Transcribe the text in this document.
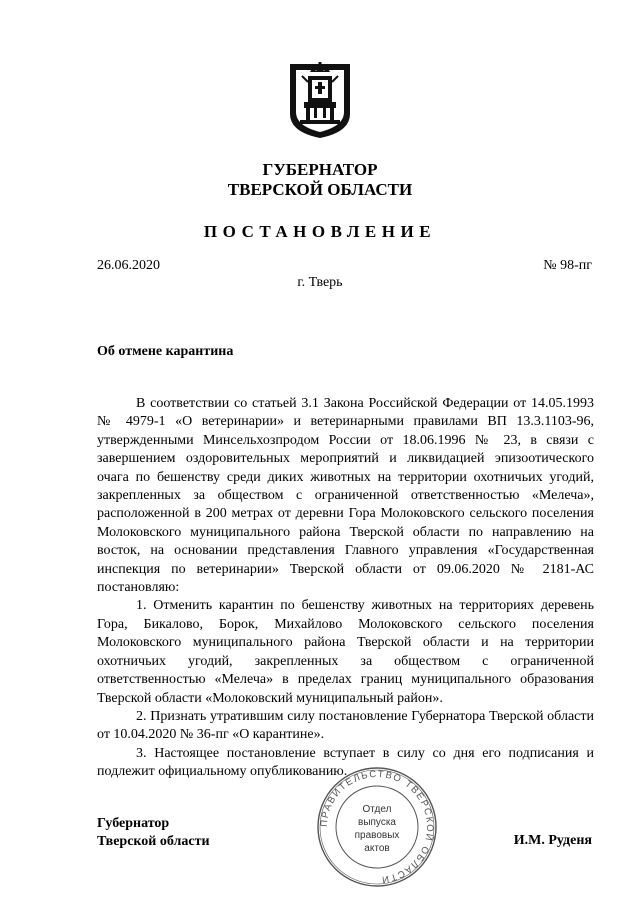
ГУБЕРНАТОР
ТВЕРСКОЙ ОБЛАСТИ
ПОСТАНОВЛЕНИЕ
26.06.2020	№ 98-пг
г. Тверь
Об отмене карантина

В соответствии со статьей 3.1 Закона Российской Федерации от 14.05.1993 № 4979-1 «О ветеринарии» и ветеринарными правилами ВП 13.3.1103-96, утвержденными Минсельхозпродом России от 18.06.1996 № 23, в связи с завершением оздоровительных мероприятий и ликвидацией эпизоотического очага по бешенству среди диких животных на территории охотничьих угодий, закрепленных за обществом с ограниченной ответственностью «Мелеча», расположенной в 200 метрах от деревни Гора Молоковского сельского поселения Молоковского муниципального района Тверской области по направлению на восток, на основании представления Главного управления «Государственная инспекция по ветеринарии» Тверской области от 09.06.2020 № 2181-АС постановляю:

1. Отменить карантин по бешенству животных на территориях деревень Гора, Бикалово, Борок, Михайлово Молоковского сельского поселения Молоковского муниципального района Тверской области и на территории охотничьих угодий, закрепленных за обществом с ограниченной ответственностью «Мелеча» в пределах границ муниципального образования Тверской области «Молоковский муниципальный район».

2. Признать утратившим силу постановление Губернатора Тверской области от 10.04.2020 № 36-пг «О карантине».

3. Настоящее постановление вступает в силу со дня его подписания и подлежит официальному опубликованию.

Губернатор
Тверской области	И.М. Руденя
ПРАВИТЕЛЬСТВО ТВЕРСКОЙ ОБЛАСТИ
Отдел
выпуска
правовых
актов
